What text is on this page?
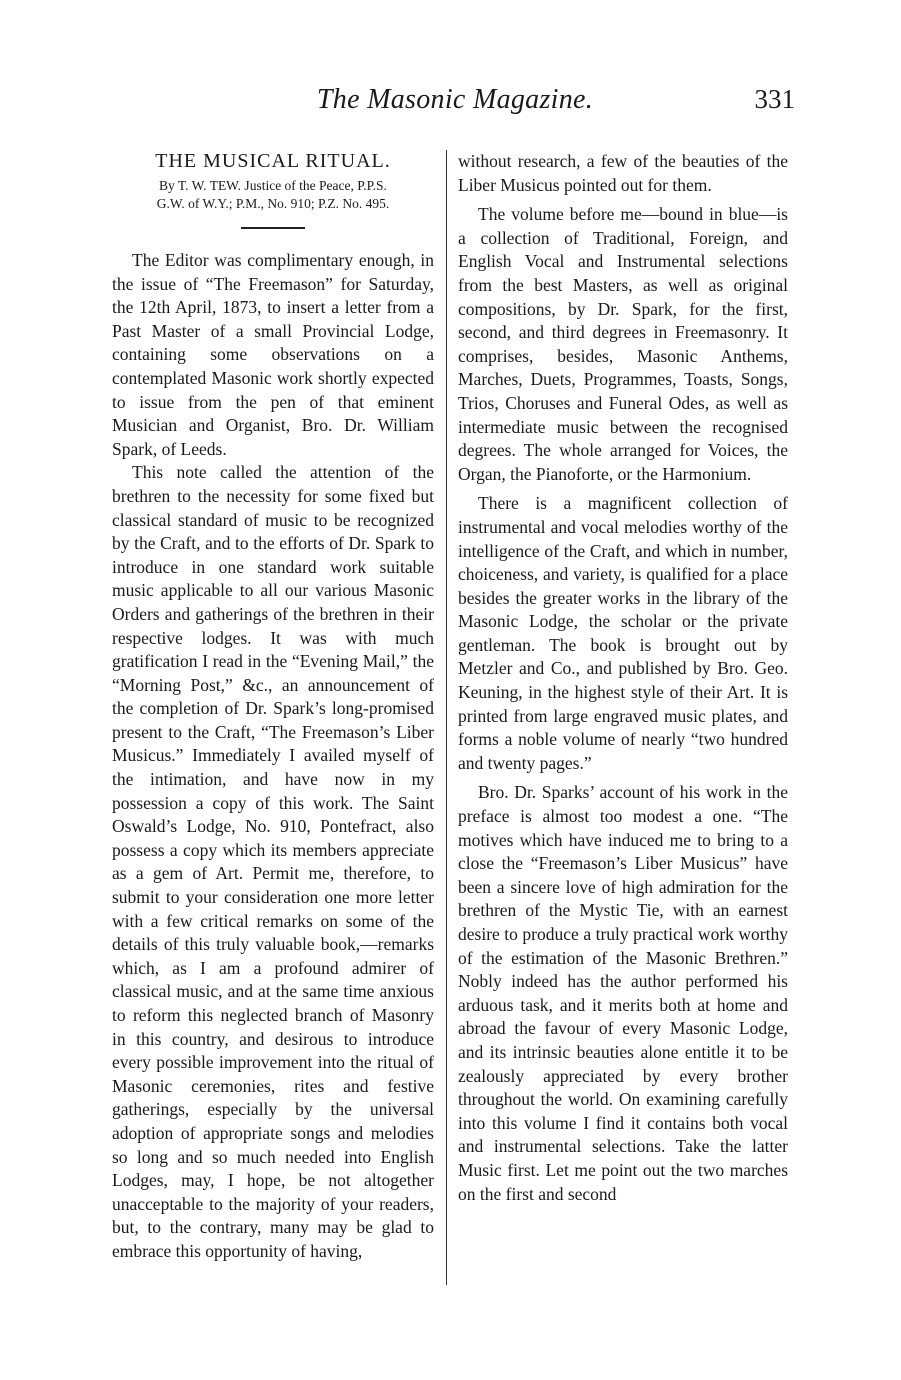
The Masonic Magazine.	331
THE MUSICAL RITUAL.

By T. W. TEW. Justice of the Peace, P.P.S.

G.W. of W.Y.; P.M., No. 910; P.Z. No. 495.

The Editor was complimentary enough, in the issue of “The Freemason” for Saturday, the 12th April, 1873, to insert a letter from a Past Master of a small Provincial Lodge, containing some observations on a contemplated Masonic work shortly expected to issue from the pen of that eminent Musician and Organist, Bro. Dr. William Spark, of Leeds.

This note called the attention of the brethren to the necessity for some fixed but classical standard of music to be recognized by the Craft, and to the efforts of Dr. Spark to introduce in one standard work suitable music applicable to all our various Masonic Orders and gatherings of the brethren in their respective lodges. It was with much gratification I read in the “Evening Mail,” the “Morning Post,” &c., an announcement of the completion of Dr. Spark’s long-promised present to the Craft, “The Freemason’s Liber Musicus.” Immediately I availed myself of the intimation, and have now in my possession a copy of this work. The Saint Oswald’s Lodge, No. 910, Pontefract, also possess a copy which its members appreciate as a gem of Art. Permit me, therefore, to submit to your consideration one more letter with a few critical remarks on some of the details of this truly valuable book,—remarks which, as I am a profound admirer of classical music, and at the same time anxious to reform this neglected branch of Masonry in this country, and desirous to introduce every possible improvement into the ritual of Masonic ceremonies, rites and festive gatherings, especially by the universal adoption of appropriate songs and melodies so long and so much needed into English Lodges, may, I hope, be not altogether unacceptable to the majority of your readers, but, to the contrary, many may be glad to embrace this opportunity of having,

without research, a few of the beauties of the Liber Musicus pointed out for them.

The volume before me—bound in blue—is a collection of Traditional, Foreign, and English Vocal and Instrumental selections from the best Masters, as well as original compositions, by Dr. Spark, for the first, second, and third degrees in Freemasonry. It comprises, besides, Masonic Anthems, Marches, Duets, Programmes, Toasts, Songs, Trios, Choruses and Funeral Odes, as well as intermediate music between the recognised degrees. The whole arranged for Voices, the Organ, the Pianoforte, or the Harmonium.

There is a magnificent collection of instrumental and vocal melodies worthy of the intelligence of the Craft, and which in number, choiceness, and variety, is qualified for a place besides the greater works in the library of the Masonic Lodge, the scholar or the private gentleman. The book is brought out by Metzler and Co., and published by Bro. Geo. Keuning, in the highest style of their Art. It is printed from large engraved music plates, and forms a noble volume of nearly “two hundred and twenty pages.”

Bro. Dr. Sparks’ account of his work in the preface is almost too modest a one. “The motives which have induced me to bring to a close the “Freemason’s Liber Musicus” have been a sincere love of high admiration for the brethren of the Mystic Tie, with an earnest desire to produce a truly practical work worthy of the estimation of the Masonic Brethren.” Nobly indeed has the author performed his arduous task, and it merits both at home and abroad the favour of every Masonic Lodge, and its intrinsic beauties alone entitle it to be zealously appreciated by every brother throughout the world. On examining carefully into this volume I find it contains both vocal and instrumental selections. Take the latter Music first. Let me point out the two marches on the first and second
